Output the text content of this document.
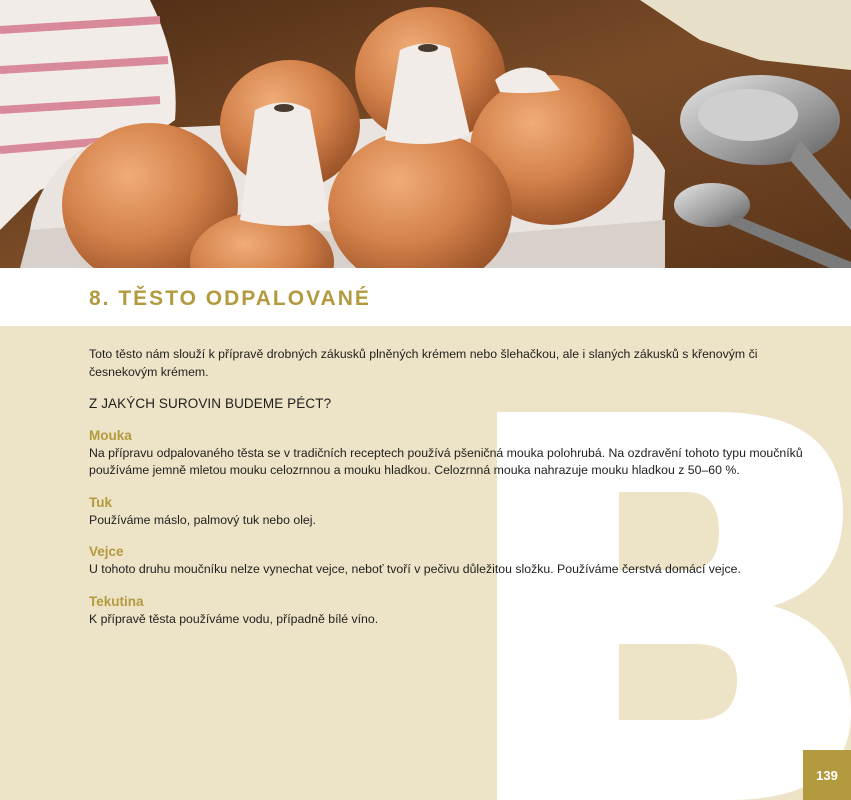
8. TĚSTO ODPALOVANÉ

Toto těsto nám slouží k přípravě drobných zákusků plněných krémem nebo šlehačkou, ale i slaných zákusků s křenovým či česnekovým krémem.

Z JAKÝCH SUROVIN BUDEME PÉCT?

Mouka

Na přípravu odpalovaného těsta se v tradičních receptech používá pšeničná mouka polohrubá. Na ozdravění tohoto typu moučníků používáme jemně mletou mouku celozrnnou a mouku hladkou. Celozrnná mouka nahrazuje mouku hladkou z 50–60 %.

Tuk

Používáme máslo, palmový tuk nebo olej.

Vejce

U tohoto druhu moučníku nelze vynechat vejce, neboť tvoří v pečivu důležitou složku. Používáme čerstvá domácí vejce.

Tekutina

K přípravě těsta používáme vodu, případně bílé víno.

139
